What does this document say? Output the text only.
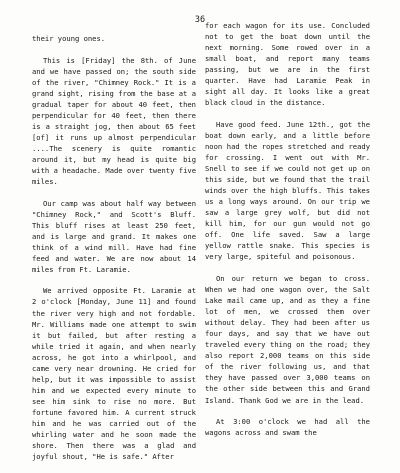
36

their young ones.

This is [Friday] the 8th. of June and we have passed on; the south side of the river, "Chimney Rock." It is a grand sight, rising from the base at a gradual taper for about 40 feet, then perpendicular for 40 feet, then there is a straight jog, then about 65 feet [of] it runs up almost perpendicular ....The scenery is quite romantic around it, but my head is quite big with a headache. Made over twenty five miles.

Our camp was about half way between "Chimney Rock," and Scott's Bluff. This bluff rises at least 250 feet, and is large and grand. It makes one think of a wind mill. Have had fine feed and water. We are now about 14 miles from Ft. Laramie.

We arrived opposite Ft. Laramie at 2 o'clock [Monday, June 11] and found the river very high and not fordable. Mr. Williams made one attempt to swim it but failed, but after resting a while tried it again, and when nearly across, he got into a whirlpool, and came very near drowning. He cried for help, but it was impossible to assist him and we expected every minute to see him sink to rise no more. But fortune favored him. A current struck him and he was carried out of the whirling water and he soon made the shore. Then there was a glad and joyful shout, "He is safe." After

for each wagon for its use. Concluded not to get the boat down until the next morning. Some rowed over in a small boat, and report many teams passing, but we are in the first quarter. Have had Laramie Peak in sight all day. It looks like a great black cloud in the distance.

Have good feed. June 12th., got the boat down early, and a little before noon had the ropes stretched and ready for crossing. I went out with Mr. Snell to see if we could not get up on this side, but we found that the trail winds over the high bluffs. This takes us a long ways around. On our trip we saw a large grey wolf, but did not kill him, for our gun would not go off. One life saved. Saw a large yellow rattle snake. This species is very large, spiteful and poisonous.

On our return we began to cross. When we had one wagon over, the Salt Lake mail came up, and as they a fine lot of men, we crossed them over without delay. They had been after us four days, and say that we have out traveled every thing on the road; they also report 2,000 teams on this side of the river following us, and that they have passed over 3,000 teams on the other side between this and Grand Island. Thank God we are in the lead.

At 3:00 o'clock we had all the wagons across and swam the
